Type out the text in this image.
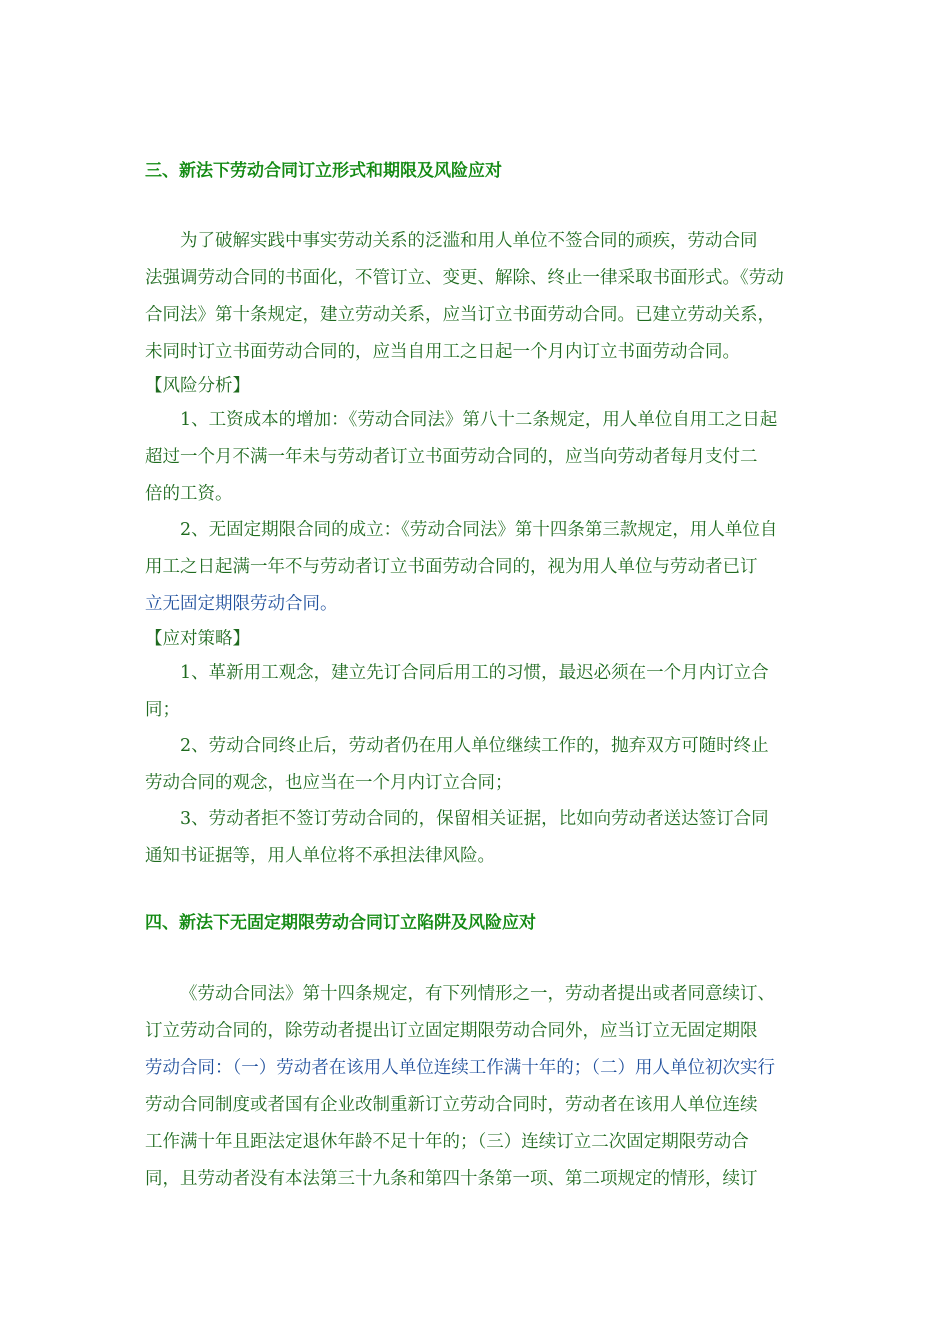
三、新法下劳动合同订立形式和期限及风险应对
为了破解实践中事实劳动关系的泛滥和用人单位不签合同的顽疾，劳动合同
法强调劳动合同的书面化，不管订立、变更、解除、终止一律采取书面形式。《劳动
合同法》第十条规定，建立劳动关系，应当订立书面劳动合同。已建立劳动关系，
未同时订立书面劳动合同的，应当自用工之日起一个月内订立书面劳动合同。
【风险分析】
1、工资成本的增加：《劳动合同法》第八十二条规定，用人单位自用工之日起
超过一个月不满一年未与劳动者订立书面劳动合同的，应当向劳动者每月支付二
倍的工资。
2、无固定期限合同的成立：《劳动合同法》第十四条第三款规定，用人单位自
用工之日起满一年不与劳动者订立书面劳动合同的，视为用人单位与劳动者已订
立无固定期限劳动合同。
【应对策略】
1、革新用工观念，建立先订合同后用工的习惯，最迟必须在一个月内订立合
同；
2、劳动合同终止后，劳动者仍在用人单位继续工作的，抛弃双方可随时终止
劳动合同的观念，也应当在一个月内订立合同；
3、劳动者拒不签订劳动合同的，保留相关证据，比如向劳动者送达签订合同
通知书证据等，用人单位将不承担法律风险。
四、新法下无固定期限劳动合同订立陷阱及风险应对
《劳动合同法》第十四条规定，有下列情形之一，劳动者提出或者同意续订、
订立劳动合同的，除劳动者提出订立固定期限劳动合同外，应当订立无固定期限
劳动合同：（一）劳动者在该用人单位连续工作满十年的；（二）用人单位初次实行
劳动合同制度或者国有企业改制重新订立劳动合同时，劳动者在该用人单位连续
工作满十年且距法定退休年龄不足十年的；（三）连续订立二次固定期限劳动合
同，且劳动者没有本法第三十九条和第四十条第一项、第二项规定的情形，续订
